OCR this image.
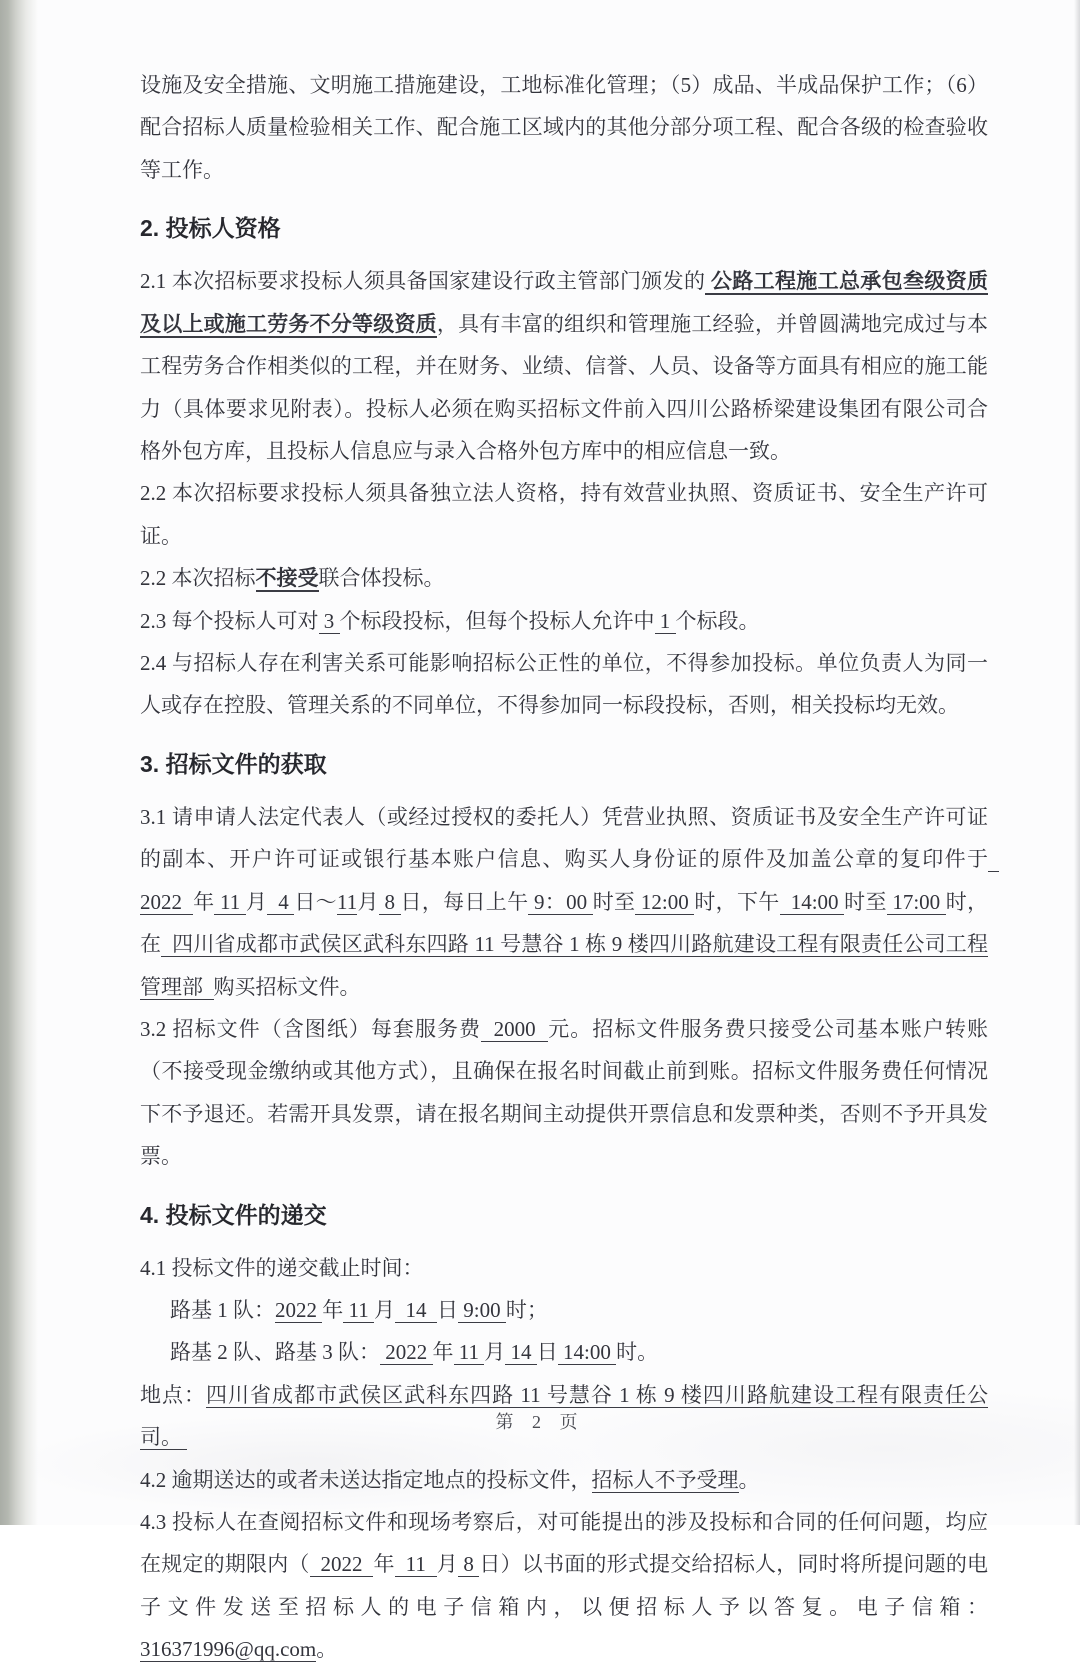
设施及安全措施、文明施工措施建设，工地标准化管理；（5）成品、半成品保护工作；（6）配合招标人质量检验相关工作、配合施工区域内的其他分部分项工程、配合各级的检查验收等工作。

2. 投标人资格

2.1 本次招标要求投标人须具备国家建设行政主管部门颁发的 公路工程施工总承包叁级资质及以上或施工劳务不分等级资质，具有丰富的组织和管理施工经验，并曾圆满地完成过与本工程劳务合作相类似的工程，并在财务、业绩、信誉、人员、设备等方面具有相应的施工能力（具体要求见附表）。投标人必须在购买招标文件前入四川公路桥梁建设集团有限公司合格外包方库，且投标人信息应与录入合格外包方库中的相应信息一致。

2.2 本次招标要求投标人须具备独立法人资格，持有效营业执照、资质证书、安全生产许可证。

2.2 本次招标不接受联合体投标。

2.3 每个投标人可对 3 个标段投标，但每个投标人允许中 1 个标段。

2.4 与招标人存在利害关系可能影响招标公正性的单位，不得参加投标。单位负责人为同一人或存在控股、管理关系的不同单位，不得参加同一标段投标，否则，相关投标均无效。

3. 招标文件的获取

3.1 请申请人法定代表人（或经过授权的委托人）凭营业执照、资质证书及安全生产许可证的副本、开户许可证或银行基本账户信息、购买人身份证的原件及加盖公章的复印件于  2022  年 11 月  4 日～11月 8 日，每日上午 9：00 时至 12:00 时，下午  14:00 时至 17:00 时，在  四川省成都市武侯区武科东四路 11 号慧谷 1 栋 9 楼四川路航建设工程有限责任公司工程管理部  购买招标文件。

3.2 招标文件（含图纸）每套服务费  2000  元。招标文件服务费只接受公司基本账户转账（不接受现金缴纳或其他方式），且确保在报名时间截止前到账。招标文件服务费任何情况下不予退还。若需开具发票，请在报名期间主动提供开票信息和发票种类，否则不予开具发票。

4. 投标文件的递交

4.1 投标文件的递交截止时间：

路基 1 队：2022 年 11 月  14  日 9:00 时；

路基 2 队、路基 3 队： 2022 年 11 月 14 日 14:00 时。

地点：四川省成都市武侯区武科东四路 11 号慧谷 1 栋 9 楼四川路航建设工程有限责任公司。

4.2 逾期送达的或者未送达指定地点的投标文件，招标人不予受理。

4.3 投标人在查阅招标文件和现场考察后，对可能提出的涉及投标和合同的任何问题，均应在规定的期限内（  2022  年  11  月 8 日）以书面的形式提交给招标人，同时将所提问题的电子文件发送至招标人的电子信箱内，以便招标人予以答复。电子信箱：316371996@qq.com。

第 2 页
